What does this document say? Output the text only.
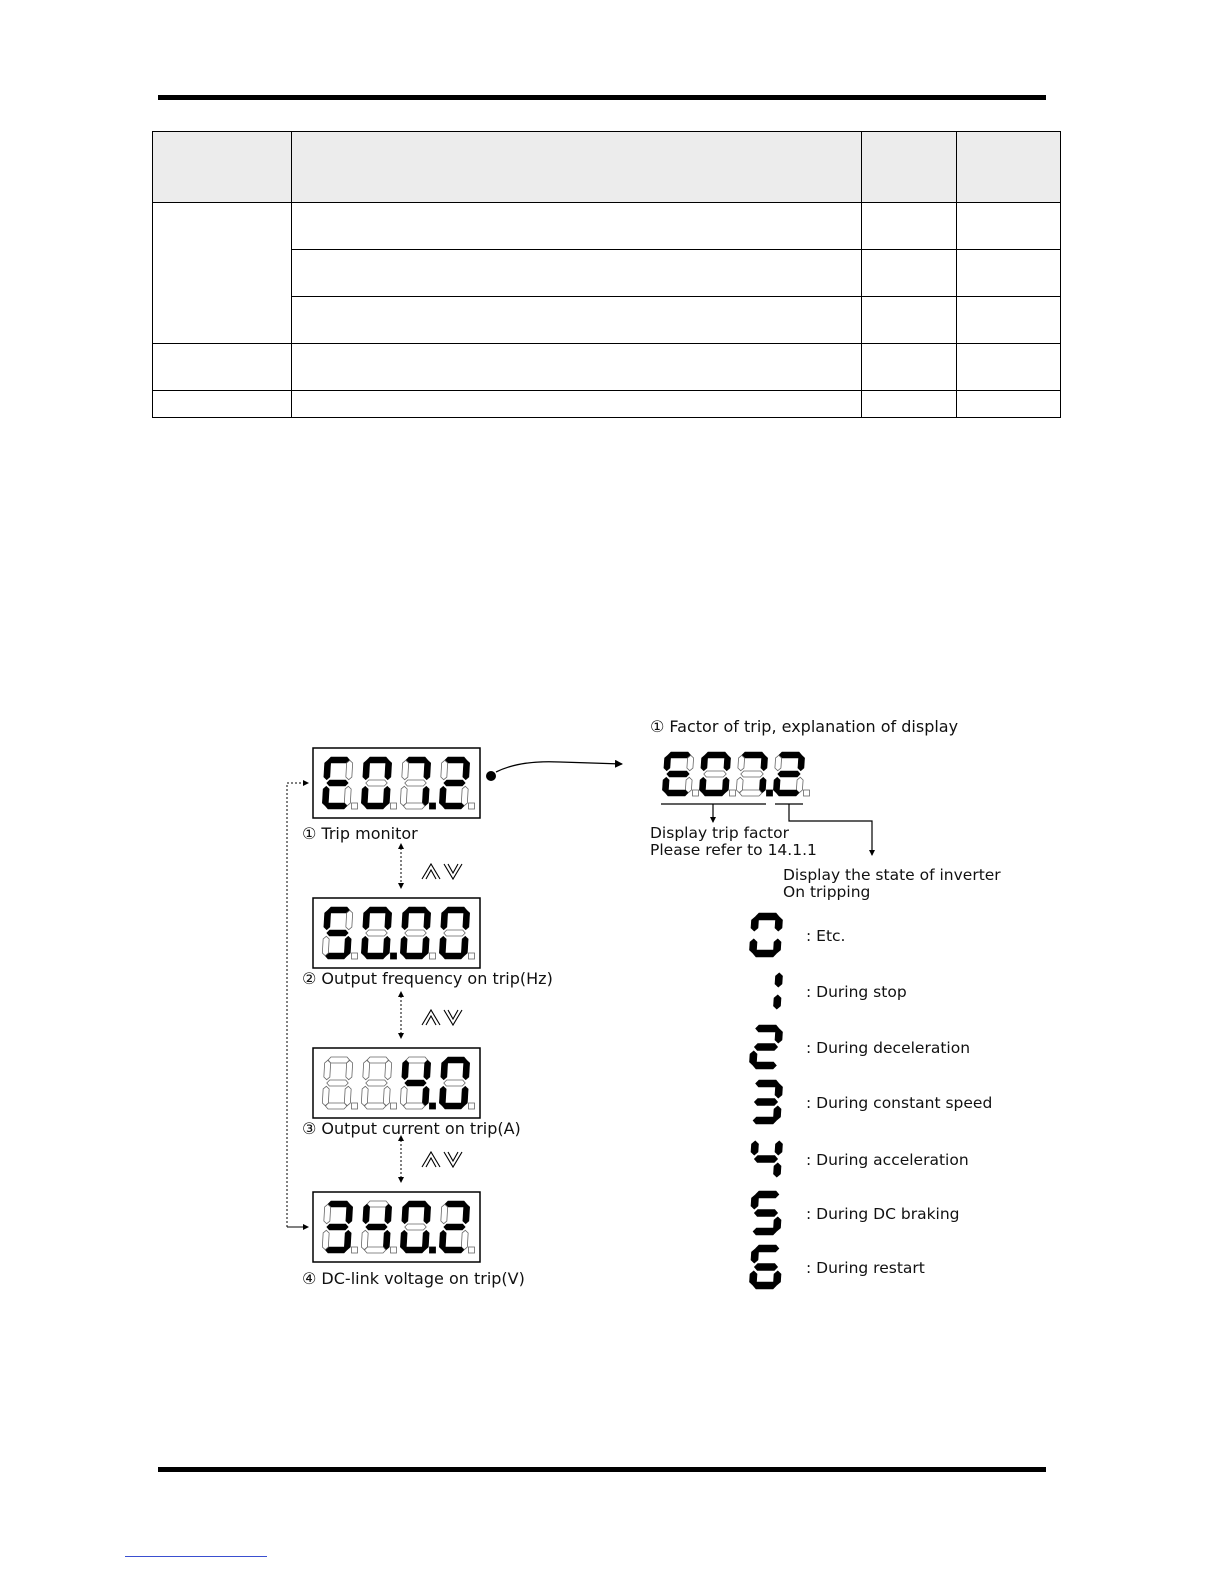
① Trip monitor
② Output frequency on trip(Hz)
③ Output current on trip(A)
④ DC-link voltage on trip(V)
① Factor of trip, explanation of display
Display trip factor
Please refer to 14.1.1
Display the state of inverter
On tripping
: Etc.
: During stop
: During deceleration
: During constant speed
: During acceleration
: During DC braking
: During restart
